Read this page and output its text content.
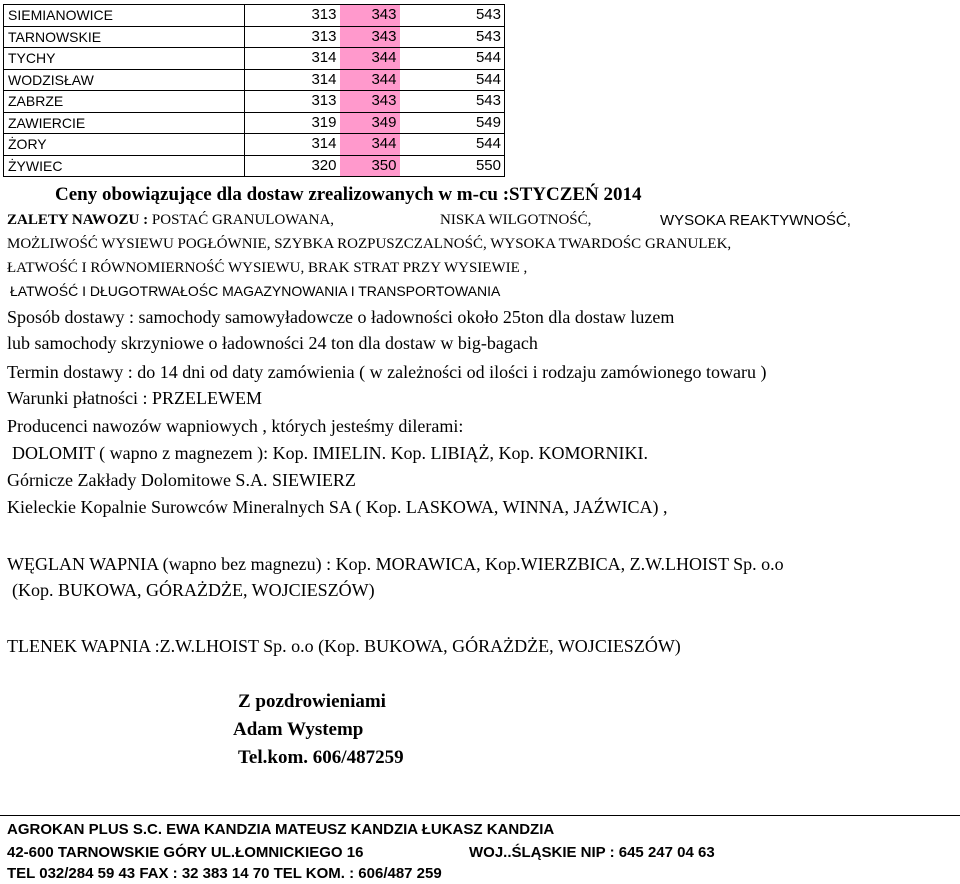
SIEMIANOWICE	313	343	543
TARNOWSKIE	313	343	543
TYCHY	314	344	544
WODZISŁAW	314	344	544
ZABRZE	313	343	543
ZAWIERCIE	319	349	549
ŻORY	314	344	544
ŻYWIEC	320	350	550
Ceny obowiązujące dla dostaw zrealizowanych w m-cu :STYCZEŃ 2014
ZALETY NAWOZU : POSTAĆ GRANULOWANA,	NISKA WILGOTNOŚĆ,	WYSOKA REAKTYWNOŚĆ,
MOŻLIWOŚĆ WYSIEWU POGŁÓWNIE, SZYBKA ROZPUSZCZALNOŚĆ, WYSOKA TWARDOŚC GRANULEK,
ŁATWOŚĆ I RÓWNOMIERNOŚĆ WYSIEWU, BRAK STRAT PRZY WYSIEWIE ,
ŁATWOŚĆ I DŁUGOTRWAŁOŚC MAGAZYNOWANIA I TRANSPORTOWANIA
Sposób dostawy : samochody samowyładowcze o ładowności około 25ton dla dostaw luzem
lub samochody skrzyniowe o ładowności 24 ton dla dostaw w big-bagach
Termin dostawy : do 14 dni od daty zamówienia ( w zależności od ilości i rodzaju zamówionego towaru )
Warunki płatności : PRZELEWEM
Producenci nawozów wapniowych , których jesteśmy dilerami:
DOLOMIT ( wapno z magnezem ): Kop. IMIELIN. Kop. LIBIĄŻ, Kop. KOMORNIKI.
Górnicze Zakłady Dolomitowe S.A. SIEWIERZ
Kieleckie Kopalnie Surowców Mineralnych SA ( Kop. LASKOWA, WINNA, JAŹWICA) ,
WĘGLAN WAPNIA (wapno bez magnezu) : Kop. MORAWICA, Kop.WIERZBICA, Z.W.LHOIST Sp. o.o
(Kop. BUKOWA, GÓRAŻDŻE, WOJCIESZÓW)
TLENEK WAPNIA :Z.W.LHOIST Sp. o.o (Kop. BUKOWA, GÓRAŻDŻE, WOJCIESZÓW)
Z pozdrowieniami
Adam Wystemp
Tel.kom. 606/487259
AGROKAN PLUS S.C. EWA KANDZIA MATEUSZ KANDZIA ŁUKASZ KANDZIA
42-600 TARNOWSKIE GÓRY UL.ŁOMNICKIEGO 16	WOJ..ŚLĄSKIE NIP : 645 247 04 63
TEL 032/284 59 43 FAX : 32 383 14 70 TEL KOM. : 606/487 259
